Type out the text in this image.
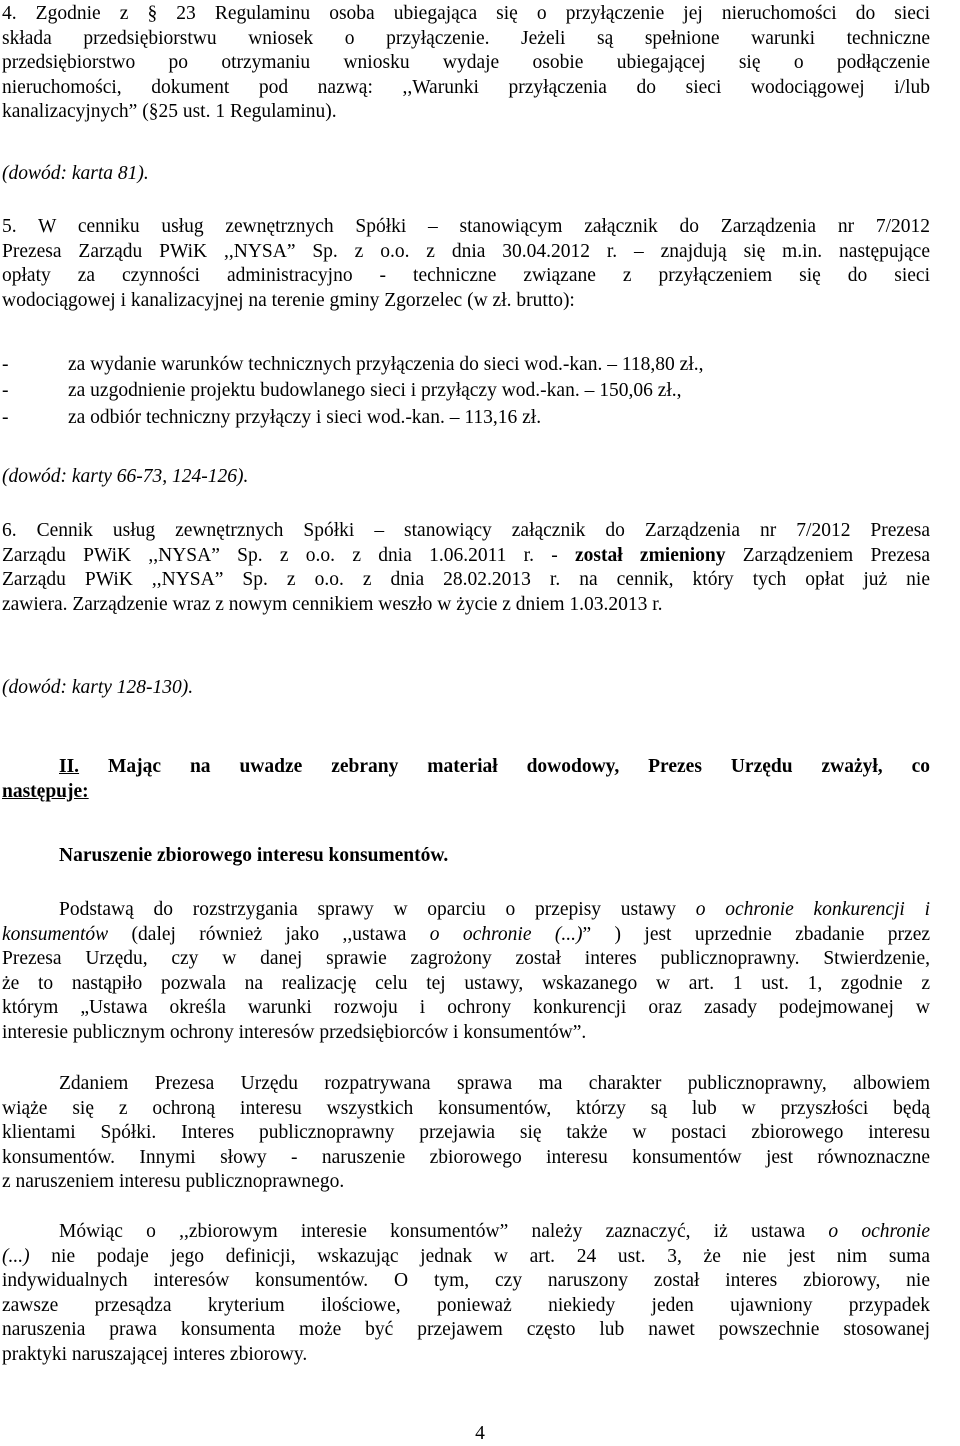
4. Zgodnie z § 23 Regulaminu osoba ubiegająca się o przyłączenie jej nieruchomości do sieci
składa przedsiębiorstwu wniosek o przyłączenie. Jeżeli są spełnione warunki techniczne
przedsiębiorstwo po otrzymaniu wniosku wydaje osobie ubiegającej się o podłączenie
nieruchomości, dokument pod nazwą: ,,Warunki przyłączenia do sieci wodociągowej i/lub
kanalizacyjnych” (§25 ust. 1 Regulaminu).
(dowód: karta 81).
5. W cenniku usług zewnętrznych Spółki – stanowiącym załącznik do Zarządzenia nr 7/2012
Prezesa Zarządu PWiK ,,NYSA” Sp. z o.o. z dnia 30.04.2012 r. – znajdują się m.in. następujące
opłaty za czynności administracyjno - techniczne związane z przyłączeniem się do sieci
wodociągowej i kanalizacyjnej na terenie gminy Zgorzelec (w zł. brutto):
-	za wydanie warunków technicznych przyłączenia do sieci wod.-kan. – 118,80 zł.,
-	za uzgodnienie projektu budowlanego sieci i przyłączy wod.-kan. – 150,06 zł.,
-	za odbiór techniczny przyłączy i sieci wod.-kan. – 113,16 zł.
(dowód: karty 66-73, 124-126).
6. Cennik usług zewnętrznych Spółki – stanowiący załącznik do Zarządzenia nr 7/2012 Prezesa
Zarządu PWiK ,,NYSA” Sp. z o.o. z dnia 1.06.2011 r. - został zmieniony Zarządzeniem Prezesa
Zarządu PWiK ,,NYSA” Sp. z o.o. z dnia 28.02.2013 r. na cennik, który tych opłat już nie
zawiera. Zarządzenie wraz z nowym cennikiem weszło w życie z dniem 1.03.2013 r.
(dowód: karty 128-130).
II. Mając na uwadze zebrany materiał dowodowy, Prezes Urzędu zważył, co
następuje:
Naruszenie zbiorowego interesu konsumentów.
Podstawą do rozstrzygania sprawy w oparciu o przepisy ustawy o ochronie konkurencji i
konsumentów (dalej również jako ,,ustawa o ochronie (...)” ) jest uprzednie zbadanie przez
Prezesa Urzędu, czy w danej sprawie zagrożony został interes publicznoprawny. Stwierdzenie,
że to nastąpiło pozwala na realizację celu tej ustawy, wskazanego w art. 1 ust. 1, zgodnie z
którym „Ustawa określa warunki rozwoju i ochrony konkurencji oraz zasady podejmowanej w
interesie publicznym ochrony interesów przedsiębiorców i konsumentów”.
Zdaniem Prezesa Urzędu rozpatrywana sprawa ma charakter publicznoprawny, albowiem
wiąże się z ochroną interesu wszystkich konsumentów, którzy są lub w przyszłości będą
klientami Spółki. Interes publicznoprawny przejawia się także w postaci zbiorowego interesu
konsumentów. Innymi słowy - naruszenie zbiorowego interesu konsumentów jest równoznaczne
z naruszeniem interesu publicznoprawnego.
Mówiąc o ,,zbiorowym interesie konsumentów” należy zaznaczyć, iż ustawa o ochronie
(...) nie podaje jego definicji, wskazując jednak w art. 24 ust. 3, że nie jest nim suma
indywidualnych interesów konsumentów. O tym, czy naruszony został interes zbiorowy, nie
zawsze przesądza kryterium ilościowe, ponieważ niekiedy jeden ujawniony przypadek
naruszenia prawa konsumenta może być przejawem często lub nawet powszechnie stosowanej
praktyki naruszającej interes zbiorowy.
4
